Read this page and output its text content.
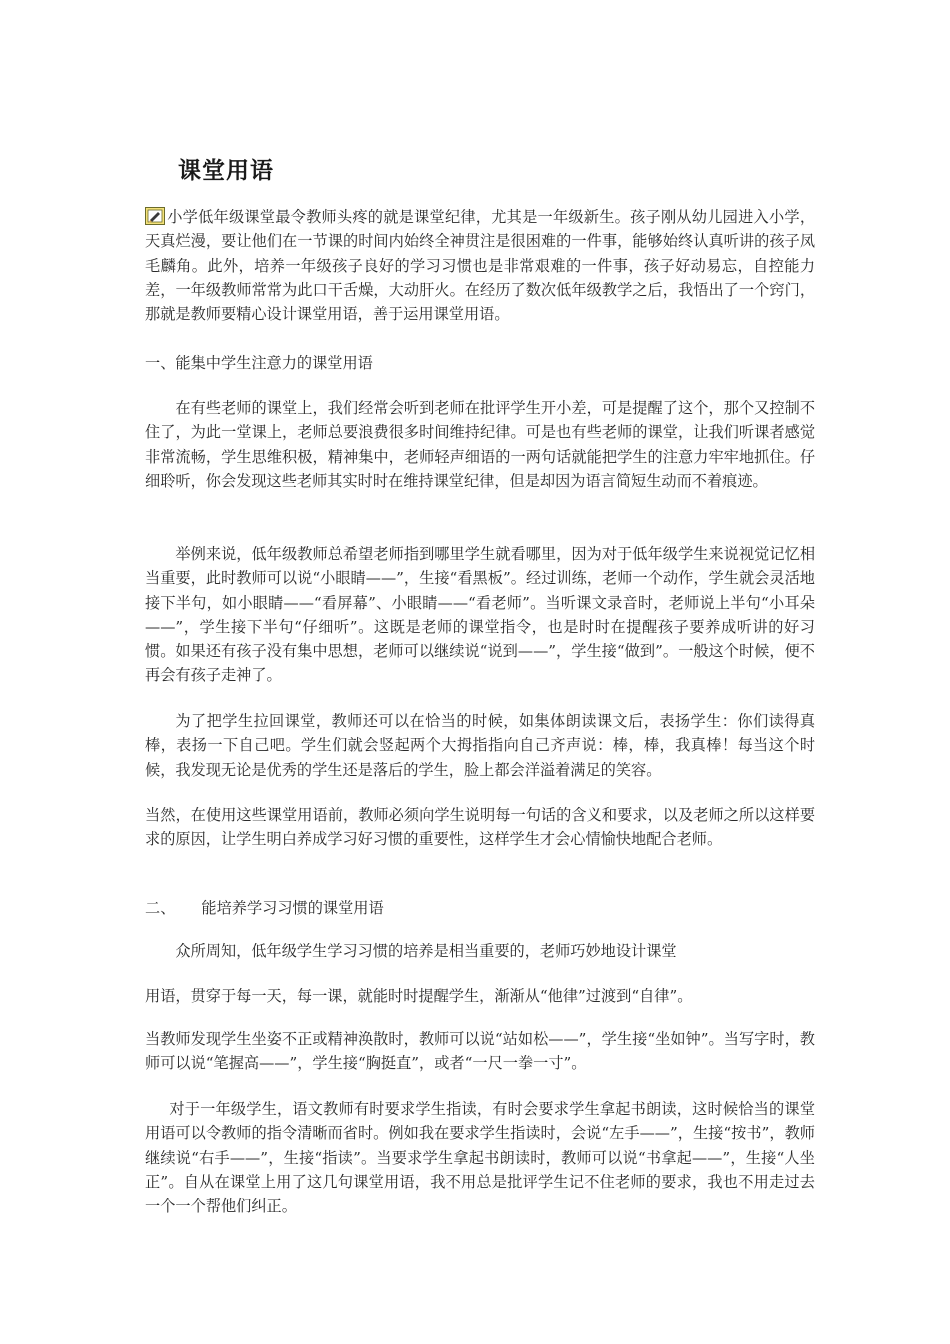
课堂用语

小学低年级课堂最令教师头疼的就是课堂纪律，尤其是一年级新生。孩子刚从幼儿园进入小学，天真烂漫，要让他们在一节课的时间内始终全神贯注是很困难的一件事，能够始终认真听讲的孩子凤毛麟角。此外，培养一年级孩子良好的学习习惯也是非常艰难的一件事，孩子好动易忘，自控能力差，一年级教师常常为此口干舌燥，大动肝火。在经历了数次低年级教学之后，我悟出了一个窍门，那就是教师要精心设计课堂用语，善于运用课堂用语。

一、能集中学生注意力的课堂用语

在有些老师的课堂上，我们经常会听到老师在批评学生开小差，可是提醒了这个，那个又控制不住了，为此一堂课上，老师总要浪费很多时间维持纪律。可是也有些老师的课堂，让我们听课者感觉非常流畅，学生思维积极，精神集中，老师轻声细语的一两句话就能把学生的注意力牢牢地抓住。仔细聆听，你会发现这些老师其实时时在维持课堂纪律，但是却因为语言简短生动而不着痕迹。

举例来说，低年级教师总希望老师指到哪里学生就看哪里，因为对于低年级学生来说视觉记忆相当重要，此时教师可以说“小眼睛——”，生接“看黑板”。经过训练，老师一个动作，学生就会灵活地接下半句，如小眼睛——“看屏幕”、小眼睛——“看老师”。当听课文录音时，老师说上半句“小耳朵——”，学生接下半句“仔细听”。这既是老师的课堂指令，也是时时在提醒孩子要养成听讲的好习惯。如果还有孩子没有集中思想，老师可以继续说“说到——”，学生接“做到”。一般这个时候，便不再会有孩子走神了。

为了把学生拉回课堂，教师还可以在恰当的时候，如集体朗读课文后，表扬学生：你们读得真棒，表扬一下自己吧。学生们就会竖起两个大拇指指向自己齐声说：棒，棒，我真棒！每当这个时候，我发现无论是优秀的学生还是落后的学生，脸上都会洋溢着满足的笑容。

当然，在使用这些课堂用语前，教师必须向学生说明每一句话的含义和要求，以及老师之所以这样要求的原因，让学生明白养成学习好习惯的重要性，这样学生才会心情愉快地配合老师。

二、 能培养学习习惯的课堂用语

众所周知，低年级学生学习习惯的培养是相当重要的，老师巧妙地设计课堂

用语，贯穿于每一天，每一课，就能时时提醒学生，渐渐从“他律”过渡到“自律”。

当教师发现学生坐姿不正或精神涣散时，教师可以说“站如松——”，学生接“坐如钟”。当写字时，教师可以说“笔握高——”，学生接“胸挺直”，或者“一尺一拳一寸”。

对于一年级学生，语文教师有时要求学生指读，有时会要求学生拿起书朗读，这时候恰当的课堂用语可以令教师的指令清晰而省时。例如我在要求学生指读时，会说“左手——”，生接“按书”，教师继续说“右手——”，生接“指读”。当要求学生拿起书朗读时，教师可以说“书拿起——”，生接“人坐正”。自从在课堂上用了这几句课堂用语，我不用总是批评学生记不住老师的要求，我也不用走过去一个一个帮他们纠正。
